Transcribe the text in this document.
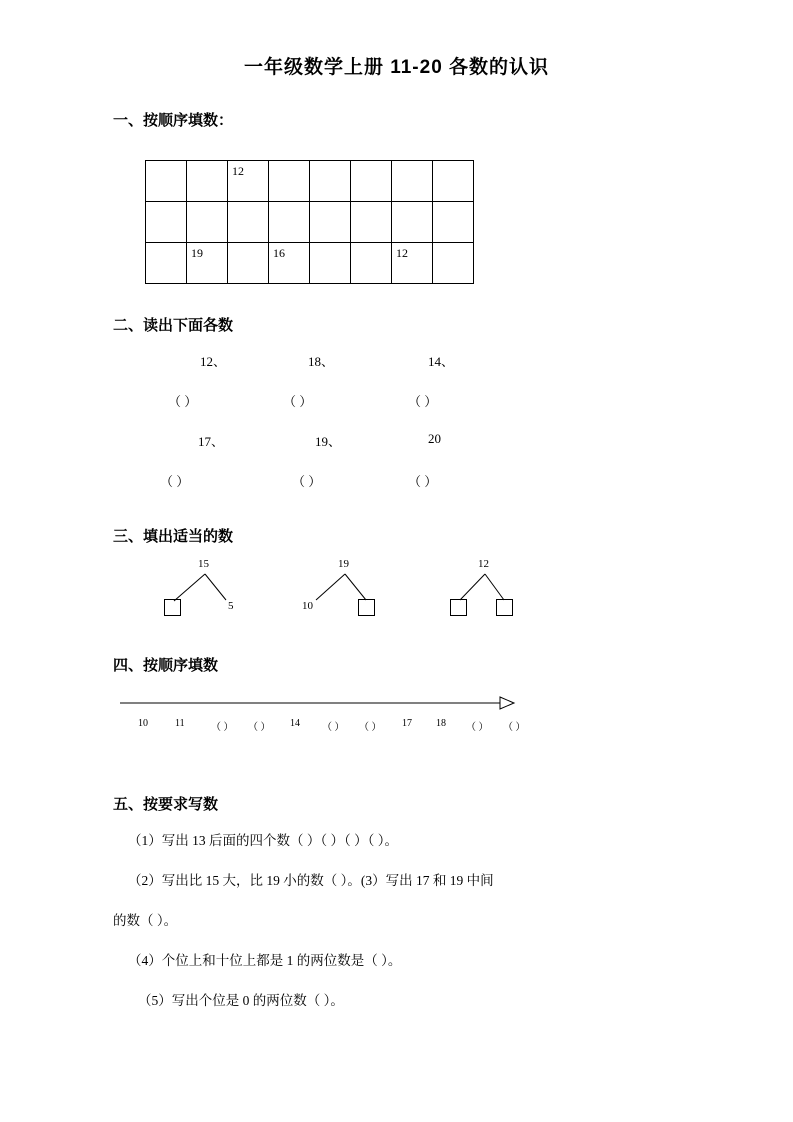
一年级数学上册 11-20 各数的认识
一、按顺序填数：
		12					

	19		16			12	
二、读出下面各数
12、	18、	14、
（ ）	（ ）	（ ）
17、	19、	20
（ ）	（ ）	（ ）
三、填出适当的数
15
5
19
10
12
四、按顺序填数
10	11	（ ） （ ） 14 （ ） （ ） 17 18 （ ） （ ）
五、按要求写数
（1）写出 13 后面的四个数（ ）（ ）（ ）（ ）。
（2）写出比 15 大，比 19 小的数（ ）。(3）写出 17 和 19 中间
的数（ ）。
（4）个位上和十位上都是 1 的两位数是（ ）。
（5）写出个位是 0 的两位数（ ）。
